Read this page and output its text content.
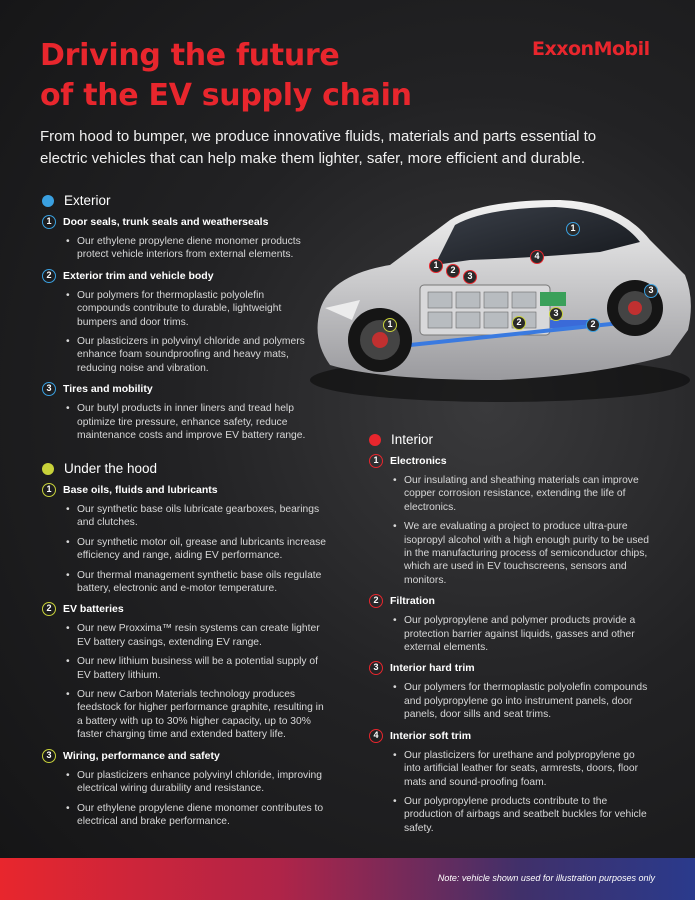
Driving the future
of the EV supply chain
ExxonMobil
From hood to bumper, we produce innovative fluids, materials and parts essential to electric vehicles that can help make them lighter, safer, more efficient and durable.
1
2
3
1	2
3
1	2
3
4
Exterior
1	Door seals, trunk seals and weatherseals
• Our ethylene propylene diene monomer products protect vehicle interiors from external elements.
2	Exterior trim and vehicle body
• Our polymers for thermoplastic polyolefin compounds contribute to durable, lightweight bumpers and door trims.
• Our plasticizers in polyvinyl chloride and polymers enhance foam soundproofing and heavy mats, reducing noise and vibration.
3	Tires and mobility
• Our butyl products in inner liners and tread help optimize tire pressure, enhance safety, reduce maintenance costs and improve EV battery range.
Under the hood
1	Base oils, fluids and lubricants
• Our synthetic base oils lubricate gearboxes, bearings and clutches.
• Our synthetic motor oil, grease and lubricants increase efficiency and range, aiding EV performance.
• Our thermal management synthetic base oils regulate battery, electronic and e-motor temperature.
2	EV batteries
• Our new Proxxima™ resin systems can create lighter EV battery casings, extending EV range.
• Our new lithium business will be a potential supply of EV battery lithium.
• Our new Carbon Materials technology produces feedstock for higher performance graphite, resulting in a battery with up to 30% higher capacity, up to 30% faster charging time and extended battery life.
3	Wiring, performance and safety
• Our plasticizers enhance polyvinyl chloride, improving electrical wiring durability and resistance.
• Our ethylene propylene diene monomer contributes to electrical and brake performance.
Interior
1	Electronics
• Our insulating and sheathing materials can improve copper corrosion resistance, extending the life of electronics.
• We are evaluating a project to produce ultra-pure isopropyl alcohol with a high enough purity to be used in the manufacturing process of semiconductor chips, which are used in EV touchscreens, sensors and monitors.
2	Filtration
• Our polypropylene and polymer products provide a protection barrier against liquids, gasses and other external elements.
3	Interior hard trim
• Our polymers for thermoplastic polyolefin compounds and polypropylene go into instrument panels, door panels, door sills and seat trims.
4	Interior soft trim
• Our plasticizers for urethane and polypropylene go into artificial leather for seats, armrests, doors, floor mats and sound-proofing foam.
• Our polypropylene products contribute to the production of airbags and seatbelt buckles for vehicle safety.
Note: vehicle shown used for illustration purposes only
